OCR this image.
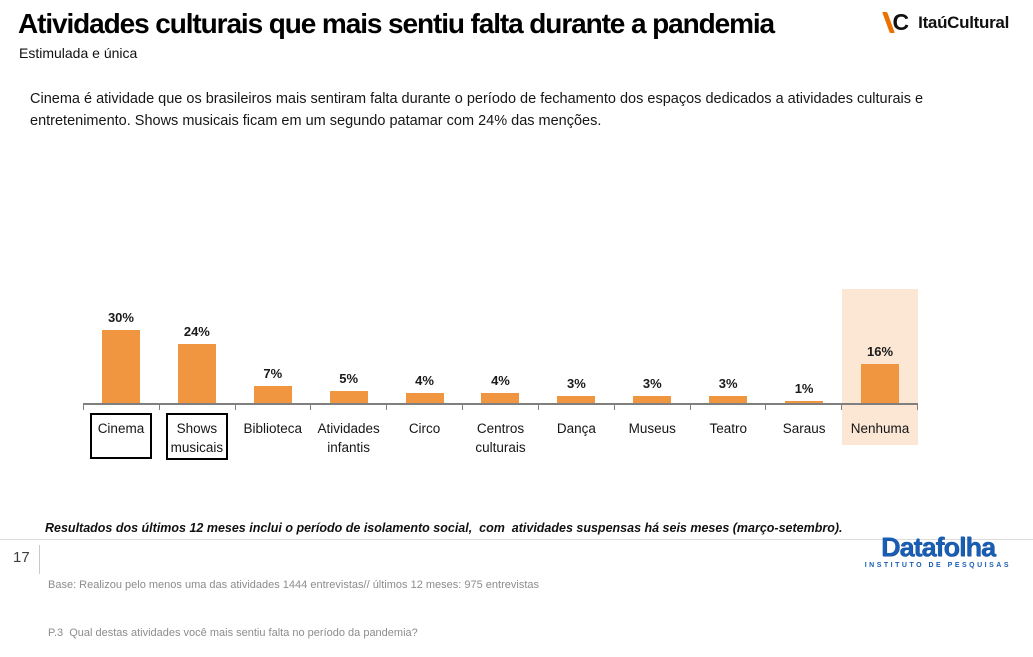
Atividades culturais que mais sentiu falta durante a pandemia
Estimulada e única
C ItaúCultural
Cinema é atividade que os brasileiros mais sentiram falta durante o período de fechamento dos espaços dedicados a atividades culturais e entretenimento. Shows musicais ficam em um segundo patamar com 24% das menções.
30%
24%
7%	5%	4%	4%	3%	3%	3%	1%
16%
Cinema	Shows musicais
Biblioteca	Atividades infantis
Circo	Centros culturais
Dança Museus Teatro	Saraus Nenhuma
Resultados dos últimos 12 meses inclui o período de isolamento social,  com  atividades suspensas há seis meses (março-setembro).
17

Base: Realizou pelo menos uma das atividades 1444 entrevistas// últimos 12 meses: 975 entrevistas

P.3  Qual destas atividades você mais sentiu falta no período da pandemia?

Datafolha
INSTITUTO DE PESQUISAS
